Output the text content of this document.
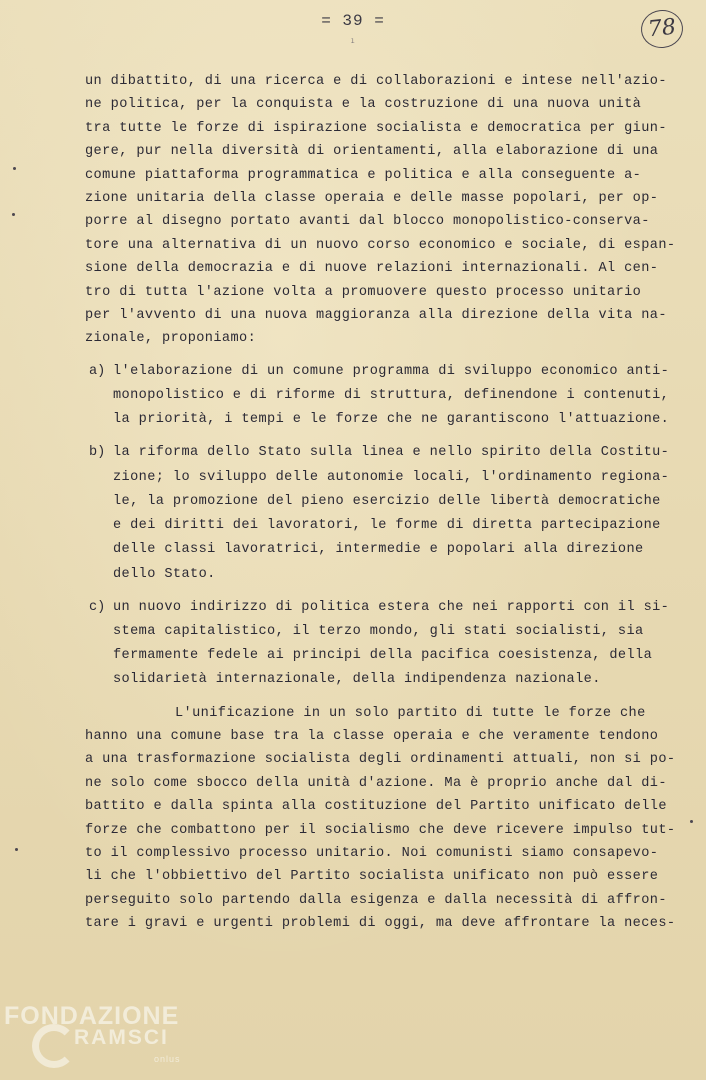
= 39 =	78
ˡ
un dibattito, di una ricerca e di collaborazioni e intese nell'azio-
ne politica, per la conquista e la costruzione di una nuova unità
tra tutte le forze di ispirazione socialista e democratica per giun-
gere, pur nella diversità di orientamenti, alla elaborazione di una
comune piattaforma programmatica e politica e alla conseguente a-
zione unitaria della classe operaia e delle masse popolari, per op-
porre al disegno portato avanti dal blocco monopolistico-conserva-
tore una alternativa di un nuovo corso economico e sociale, di espan-
sione della democrazia e di nuove relazioni internazionali. Al cen-
tro di tutta l'azione volta a promuovere questo processo unitario
per l'avvento di una nuova maggioranza alla direzione della vita na-
zionale, proponiamo:
a) l'elaborazione di un comune programma di sviluppo economico anti-
monopolistico e di riforme di struttura, definendone i contenuti,
la priorità, i tempi e le forze che ne garantiscono l'attuazione.
b) la riforma dello Stato sulla linea e nello spirito della Costitu-
zione; lo sviluppo delle autonomie locali, l'ordinamento regiona-
le, la promozione del pieno esercizio delle libertà democratiche
e dei diritti dei lavoratori, le forme di diretta partecipazione
delle classi lavoratrici, intermedie e popolari alla direzione
dello Stato.
c) un nuovo indirizzo di politica estera che nei rapporti con il si-
stema capitalistico, il terzo mondo, gli stati socialisti, sia
fermamente fedele ai principi della pacifica coesistenza, della
solidarietà internazionale, della indipendenza nazionale.
L'unificazione in un solo partito di tutte le forze che
hanno una comune base tra la classe operaia e che veramente tendono
a una trasformazione socialista degli ordinamenti attuali, non si po-
ne solo come sbocco della unità d'azione. Ma è proprio anche dal di-
battito e dalla spinta alla costituzione del Partito unificato delle
forze che combattono per il socialismo che deve ricevere impulso tut-
to il complessivo processo unitario. Noi comunisti siamo consapevo-
li che l'obbiettivo del Partito socialista unificato non può essere
perseguito solo partendo dalla esigenza e dalla necessità di affron-
tare i gravi e urgenti problemi di oggi, ma deve affrontare la neces-
FONDAZIONE
RAMSCI
onlus
